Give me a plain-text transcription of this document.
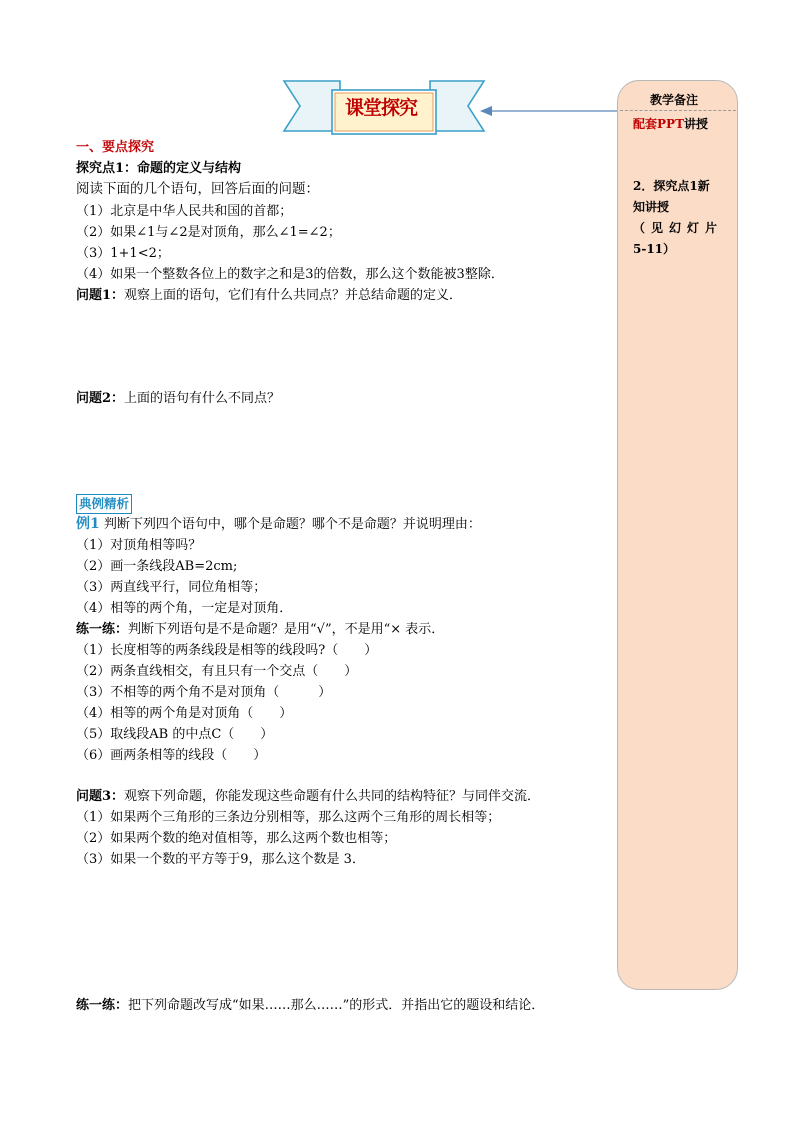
课堂探究	教学备注
配套PPT讲授
2．探究点1新
知讲授
（见幻灯片
5-11）
一、要点探究
探究点1：命题的定义与结构
阅读下面的几个语句，回答后面的问题：
（1）北京是中华人民共和国的首都；
（2）如果∠1与∠2是对顶角，那么∠1=∠2；
（3）1+1<2；
（4）如果一个整数各位上的数字之和是3的倍数，那么这个数能被3整除．
问题1：观察上面的语句，它们有什么共同点？并总结命题的定义．
问题2：上面的语句有什么不同点？
典例精析
例1 判断下列四个语句中，哪个是命题？哪个不是命题？并说明理由：
（1）对顶角相等吗？
（2）画一条线段AB=2cm;
（3）两直线平行，同位角相等；
（4）相等的两个角，一定是对顶角．
练一练：判断下列语句是不是命题？是用“√”，不是用“× 表示．
（1）长度相等的两条线段是相等的线段吗?（　　）
（2）两条直线相交，有且只有一个交点（　　）
（3）不相等的两个角不是对顶角（　　　）
（4）相等的两个角是对顶角（　　）
（5）取线段AB 的中点C（　　）
（6）画两条相等的线段（　　）
问题3：观察下列命题，你能发现这些命题有什么共同的结构特征？与同伴交流．
（1）如果两个三角形的三条边分别相等，那么这两个三角形的周长相等；
（2）如果两个数的绝对值相等，那么这两个数也相等；
（3）如果一个数的平方等于9，那么这个数是 3．
练一练：把下列命题改写成“如果……那么……”的形式．并指出它的题设和结论．
